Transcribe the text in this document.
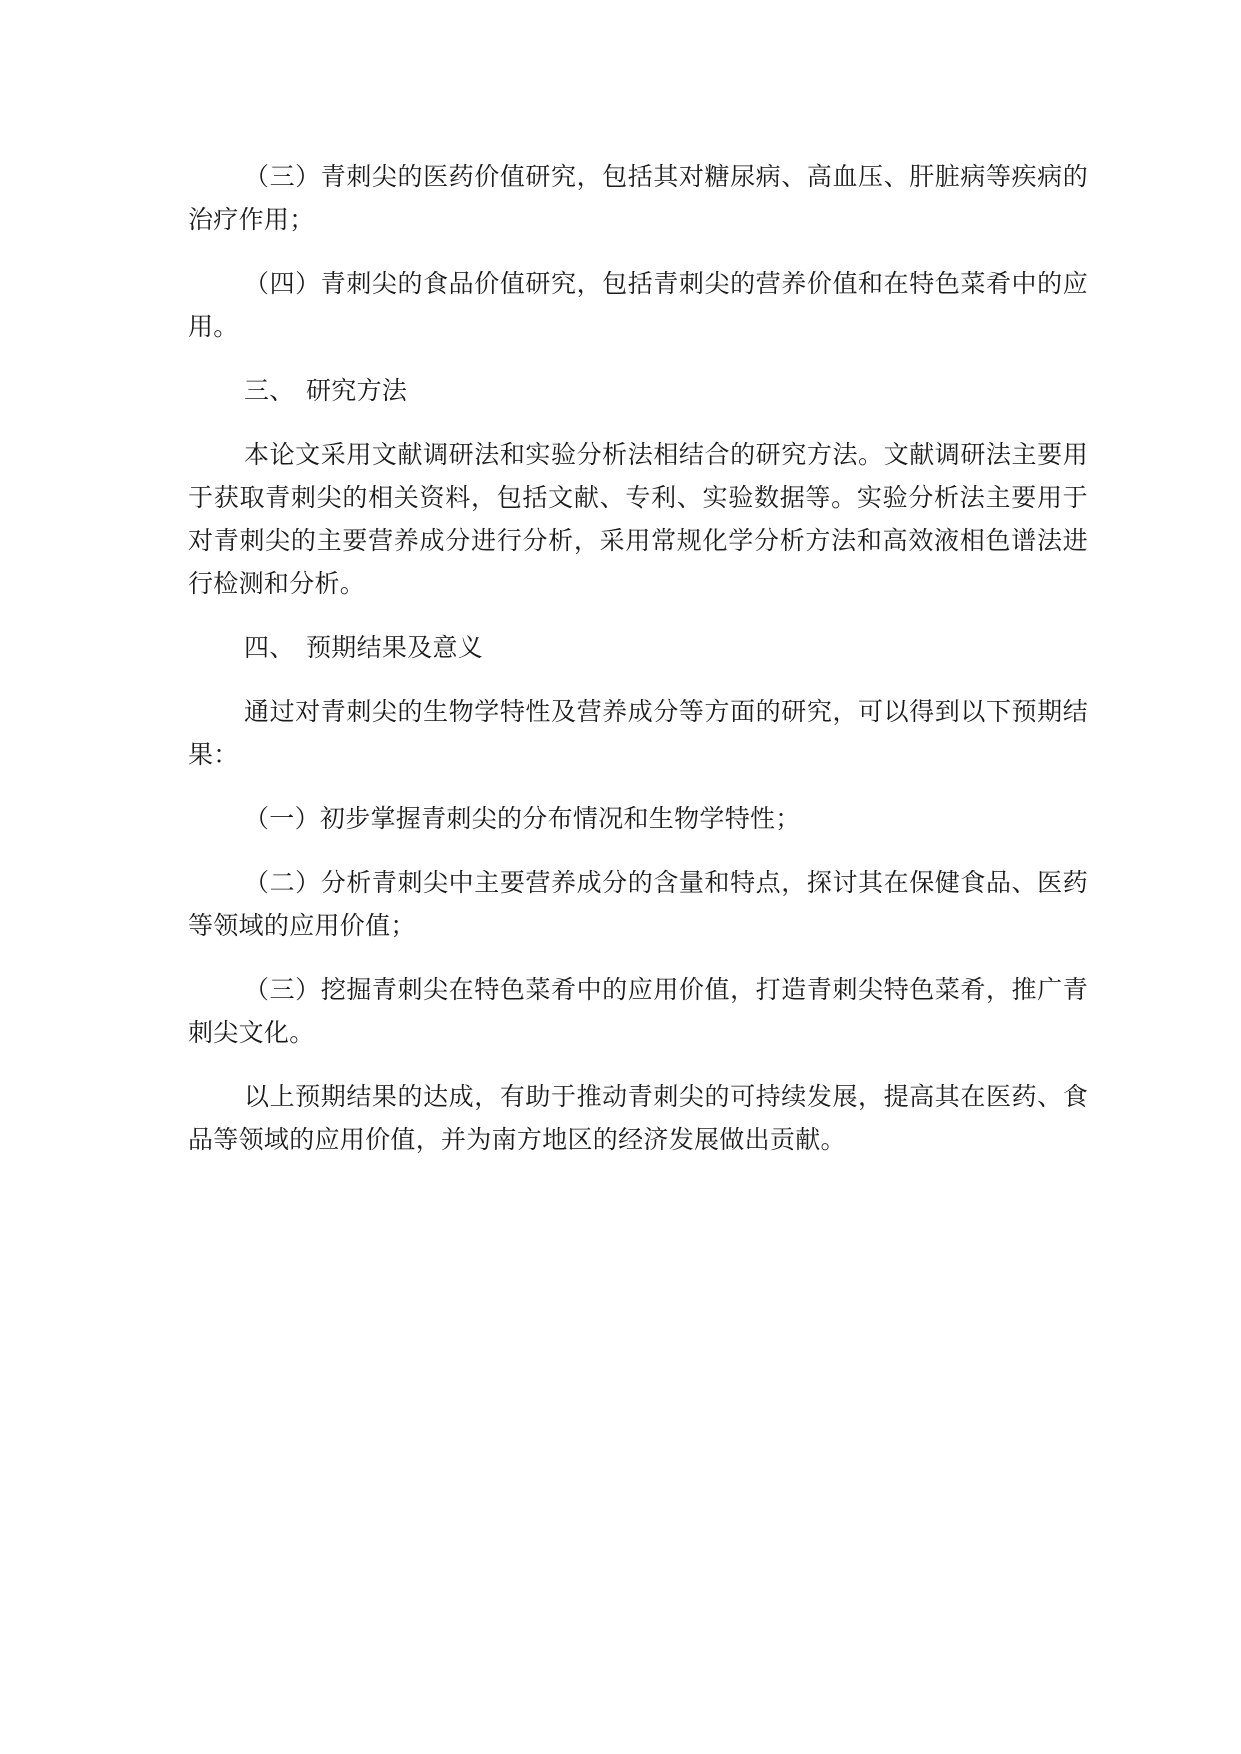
（三）青刺尖的医药价值研究，包括其对糖尿病、高血压、肝脏病等疾病的治疗作用；

（四）青刺尖的食品价值研究，包括青刺尖的营养价值和在特色菜肴中的应用。

三、 研究方法

本论文采用文献调研法和实验分析法相结合的研究方法。文献调研法主要用于获取青刺尖的相关资料，包括文献、专利、实验数据等。实验分析法主要用于对青刺尖的主要营养成分进行分析，采用常规化学分析方法和高效液相色谱法进行检测和分析。

四、 预期结果及意义

通过对青刺尖的生物学特性及营养成分等方面的研究，可以得到以下预期结果：

（一）初步掌握青刺尖的分布情况和生物学特性；

（二）分析青刺尖中主要营养成分的含量和特点，探讨其在保健食品、医药等领域的应用价值；

（三）挖掘青刺尖在特色菜肴中的应用价值，打造青刺尖特色菜肴，推广青刺尖文化。

以上预期结果的达成，有助于推动青刺尖的可持续发展，提高其在医药、食品等领域的应用价值，并为南方地区的经济发展做出贡献。
